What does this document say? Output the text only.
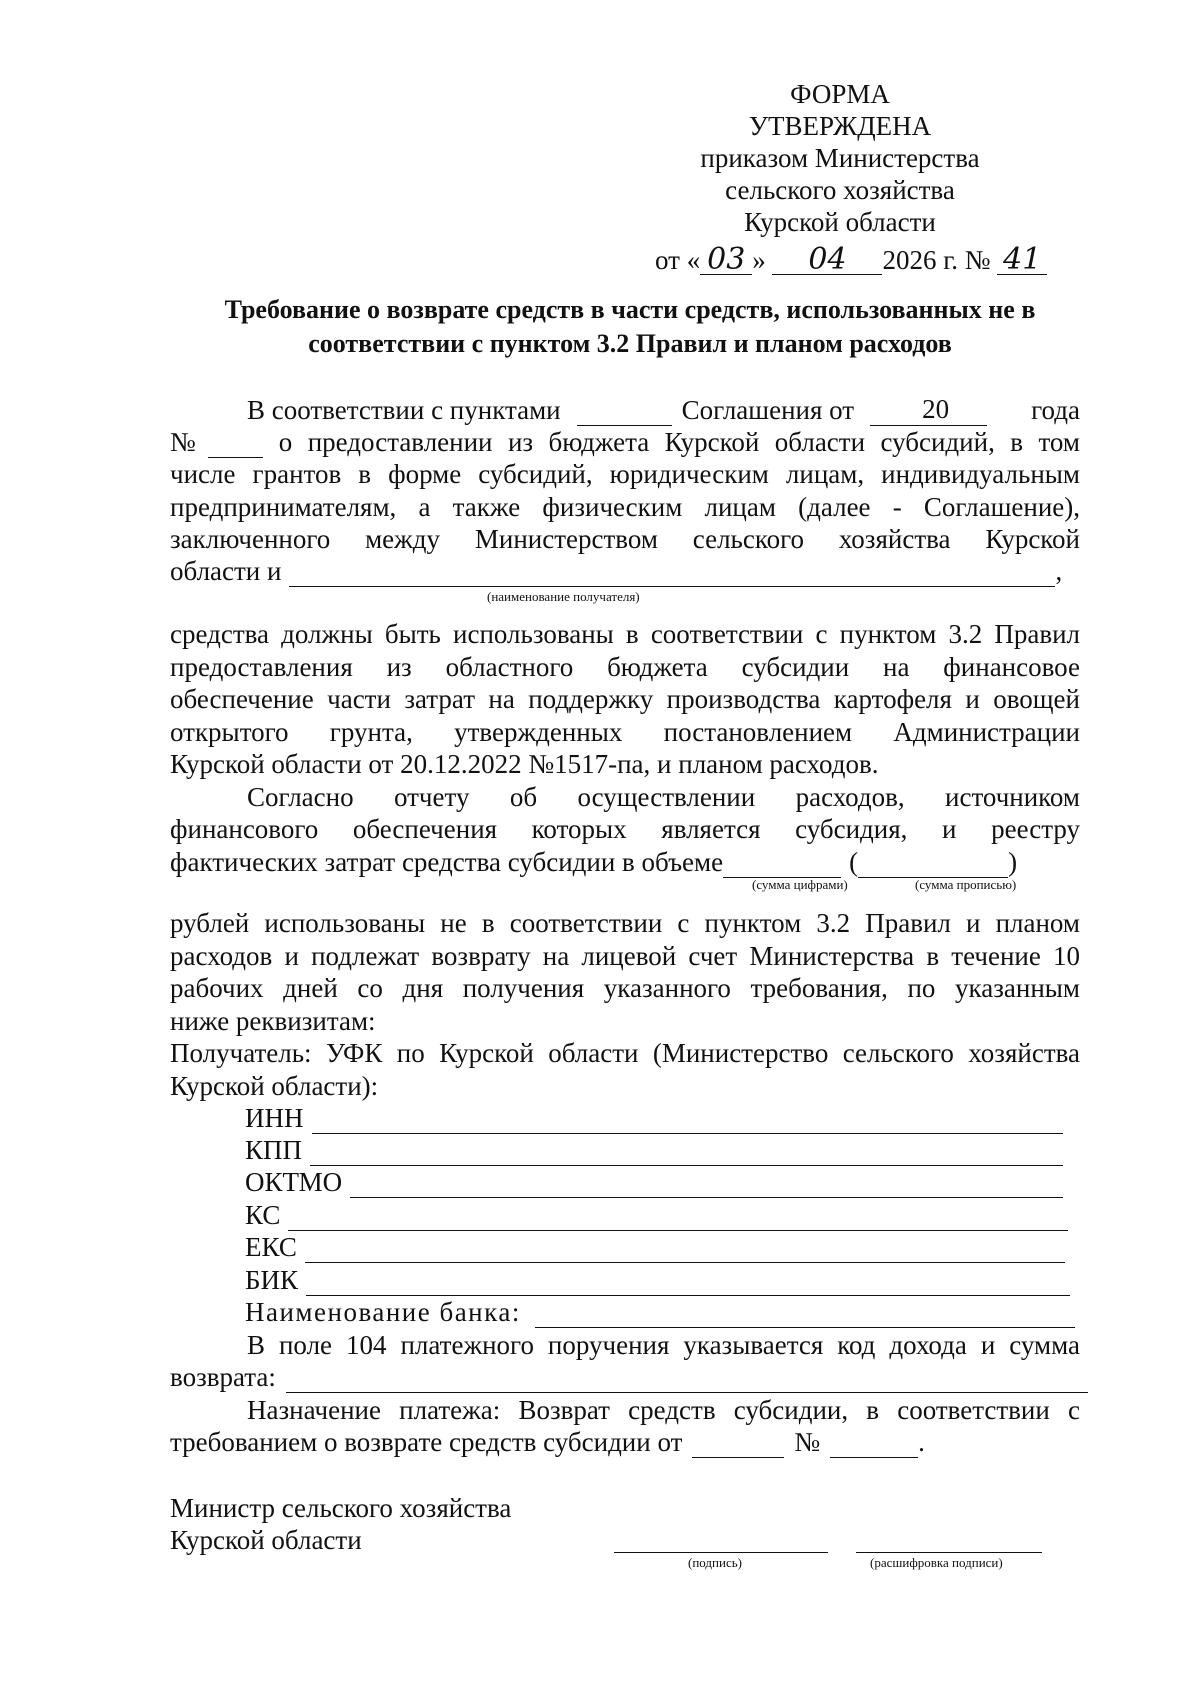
ФОРМА
УТВЕРЖДЕНА
приказом Министерства
сельского хозяйства
Курской области
от « 03 » 04 2026 г. № 41
Требование о возврате средств в части средств, использованных не в
соответствии с пунктом 3.2 Правил и планом расходов
В соответствии с пунктами	Соглашения от	20	года
№	о предоставлении из бюджета Курской области субсидий, в том
числе грантов в форме субсидий, юридическим лицам, индивидуальным
предпринимателям, а также физическим лицам (далее - Соглашение),
заключенного между Министерством сельского хозяйства Курской
области и	,
(наименование получателя)
средства должны быть использованы в соответствии с пунктом 3.2 Правил
предоставления из областного бюджета субсидии на финансовое
обеспечение части затрат на поддержку производства картофеля и овощей
открытого грунта, утвержденных постановлением Администрации
Курской области от 20.12.2022 №1517-па, и планом расходов.
Согласно отчету об осуществлении расходов, источником
финансового обеспечения которых является субсидия, и реестру
фактических затрат средства субсидии в объеме	(	)
(сумма цифрами)	(сумма прописью)
рублей использованы не в соответствии с пунктом 3.2 Правил и планом
расходов и подлежат возврату на лицевой счет Министерства в течение 10
рабочих дней со дня получения указанного требования, по указанным
ниже реквизитам:
Получатель: УФК по Курской области (Министерство сельского хозяйства
Курской области):
ИНН
КПП
ОКТМО
КС
ЕКС
БИК
Наименование банка:
В поле 104 платежного поручения указывается код дохода и сумма
возврата:
Назначение платежа: Возврат средств субсидии, в соответствии с
требованием о возврате средств субсидии от	№	.
Министр сельского хозяйства
Курской области
(подпись)	(расшифровка подписи)
